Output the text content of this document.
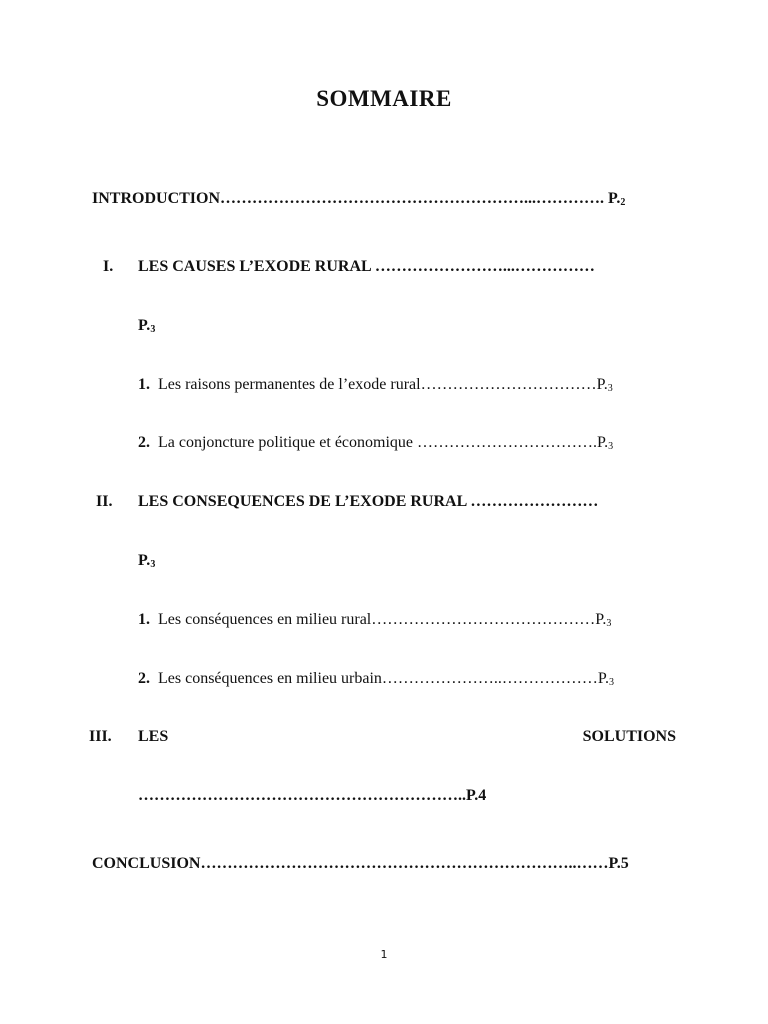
SOMMAIRE
INTRODUCTION…………………………………………………...…………. $P._2$
I. LES CAUSES L’EXODE RURAL ……………………...……………
$P._3$
1. Les raisons permanentes de l’exode $rural\dots\dots\dots\dots\dots\dots\dots\dots\dots\dots\dots P._3$
2. La conjoncture politique et économique $\dots\dots\dots\dots\dots\dots\dots\dots\dots\dots\dots.P._3$
II. LES CONSEQUENCES DE L’EXODE RURAL ……………………
$P._3$
1. Les conséquences en milieu $rural\dots\dots\dots\dots\dots\dots\dots\dots\dots\dots\dots\dots\dots\dots P._3$
2. Les conséquences en milieu $urbain\dots\dots\dots\dots\dots\dots\dots..\dots\dots\dots\dots\dots\dots P._3$
III. LES	SOLUTIONS
……………………………………………………..P.4
CONCLUSION……………………………………………………………..……P.5
1
